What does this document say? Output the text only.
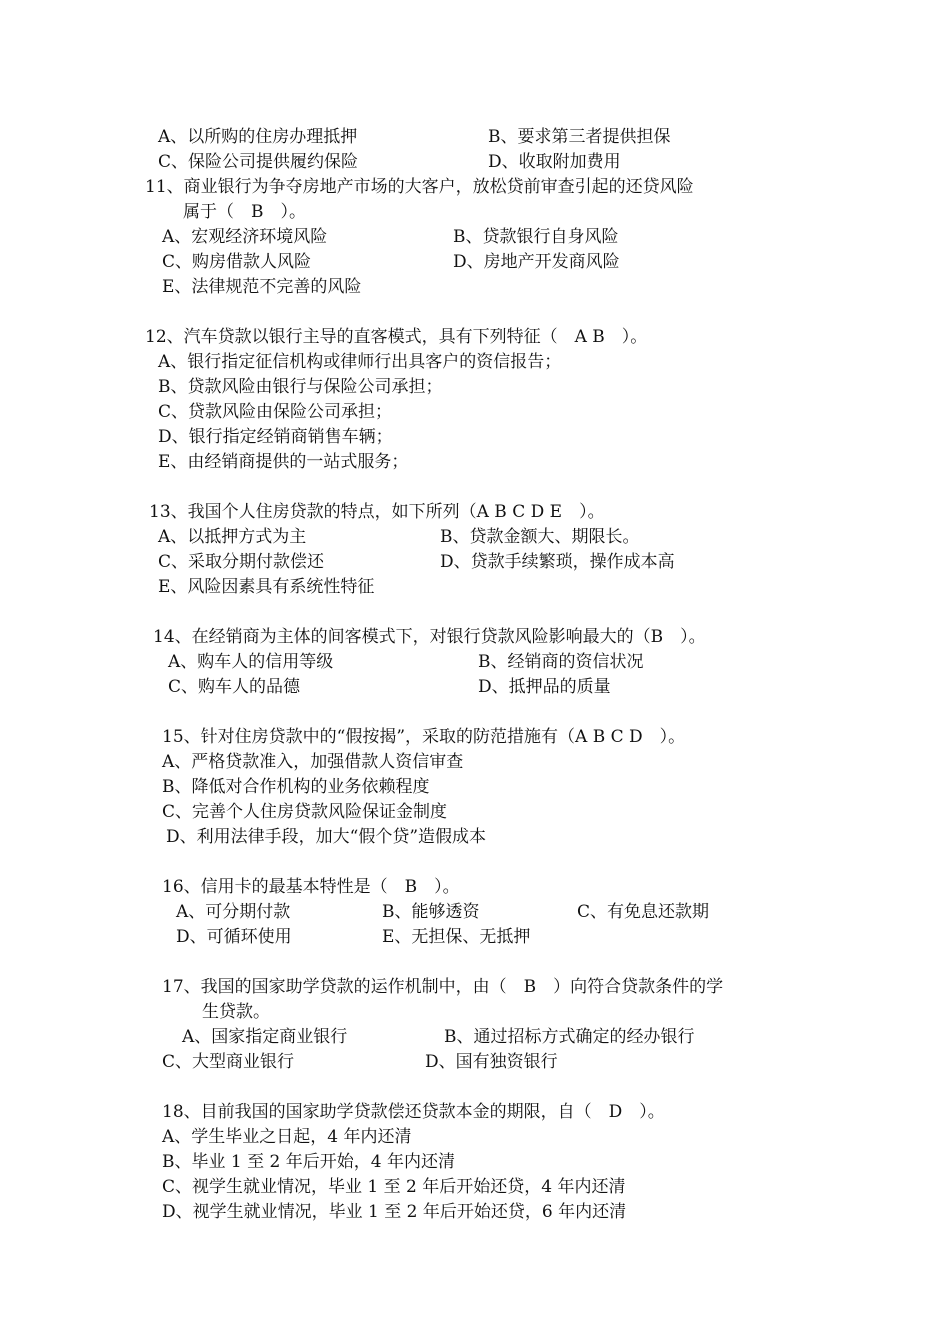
A、以所购的住房办理抵押	B、要求第三者提供担保
C、保险公司提供履约保险	D、收取附加费用
11、商业银行为争夺房地产市场的大客户，放松贷前审查引起的还贷风险
属于（　B　）。
A、宏观经济环境风险	B、贷款银行自身风险
C、购房借款人风险	D、房地产开发商风险
E、法律规范不完善的风险
12、汽车贷款以银行主导的直客模式，具有下列特征（　A B　）。
A、银行指定征信机构或律师行出具客户的资信报告；
B、贷款风险由银行与保险公司承担；
C、贷款风险由保险公司承担；
D、银行指定经销商销售车辆；
E、由经销商提供的一站式服务；
13、我国个人住房贷款的特点，如下所列（A B C D E　）。
A、以抵押方式为主	B、贷款金额大、期限长。
C、采取分期付款偿还	D、贷款手续繁琐，操作成本高
E、风险因素具有系统性特征
14、在经销商为主体的间客模式下，对银行贷款风险影响最大的（B　）。
A、购车人的信用等级	B、经销商的资信状况
C、购车人的品德	D、抵押品的质量
15、针对住房贷款中的“假按揭”，采取的防范措施有（A B C D　）。
A、严格贷款准入，加强借款人资信审查
B、降低对合作机构的业务依赖程度
C、完善个人住房贷款风险保证金制度
D、利用法律手段，加大“假个贷”造假成本
16、信用卡的最基本特性是（　B　）。
A、可分期付款	B、能够透资	C、有免息还款期
D、可循环使用	E、无担保、无抵押
17、我国的国家助学贷款的运作机制中，由（　B　）向符合贷款条件的学
生贷款。
A、国家指定商业银行	B、通过招标方式确定的经办银行
C、大型商业银行	D、国有独资银行
18、目前我国的国家助学贷款偿还贷款本金的期限，自（　D　）。
A、学生毕业之日起，4 年内还清
B、毕业 1 至 2 年后开始，4 年内还清
C、视学生就业情况，毕业 1 至 2 年后开始还贷，4 年内还清
D、视学生就业情况，毕业 1 至 2 年后开始还贷，6 年内还清
